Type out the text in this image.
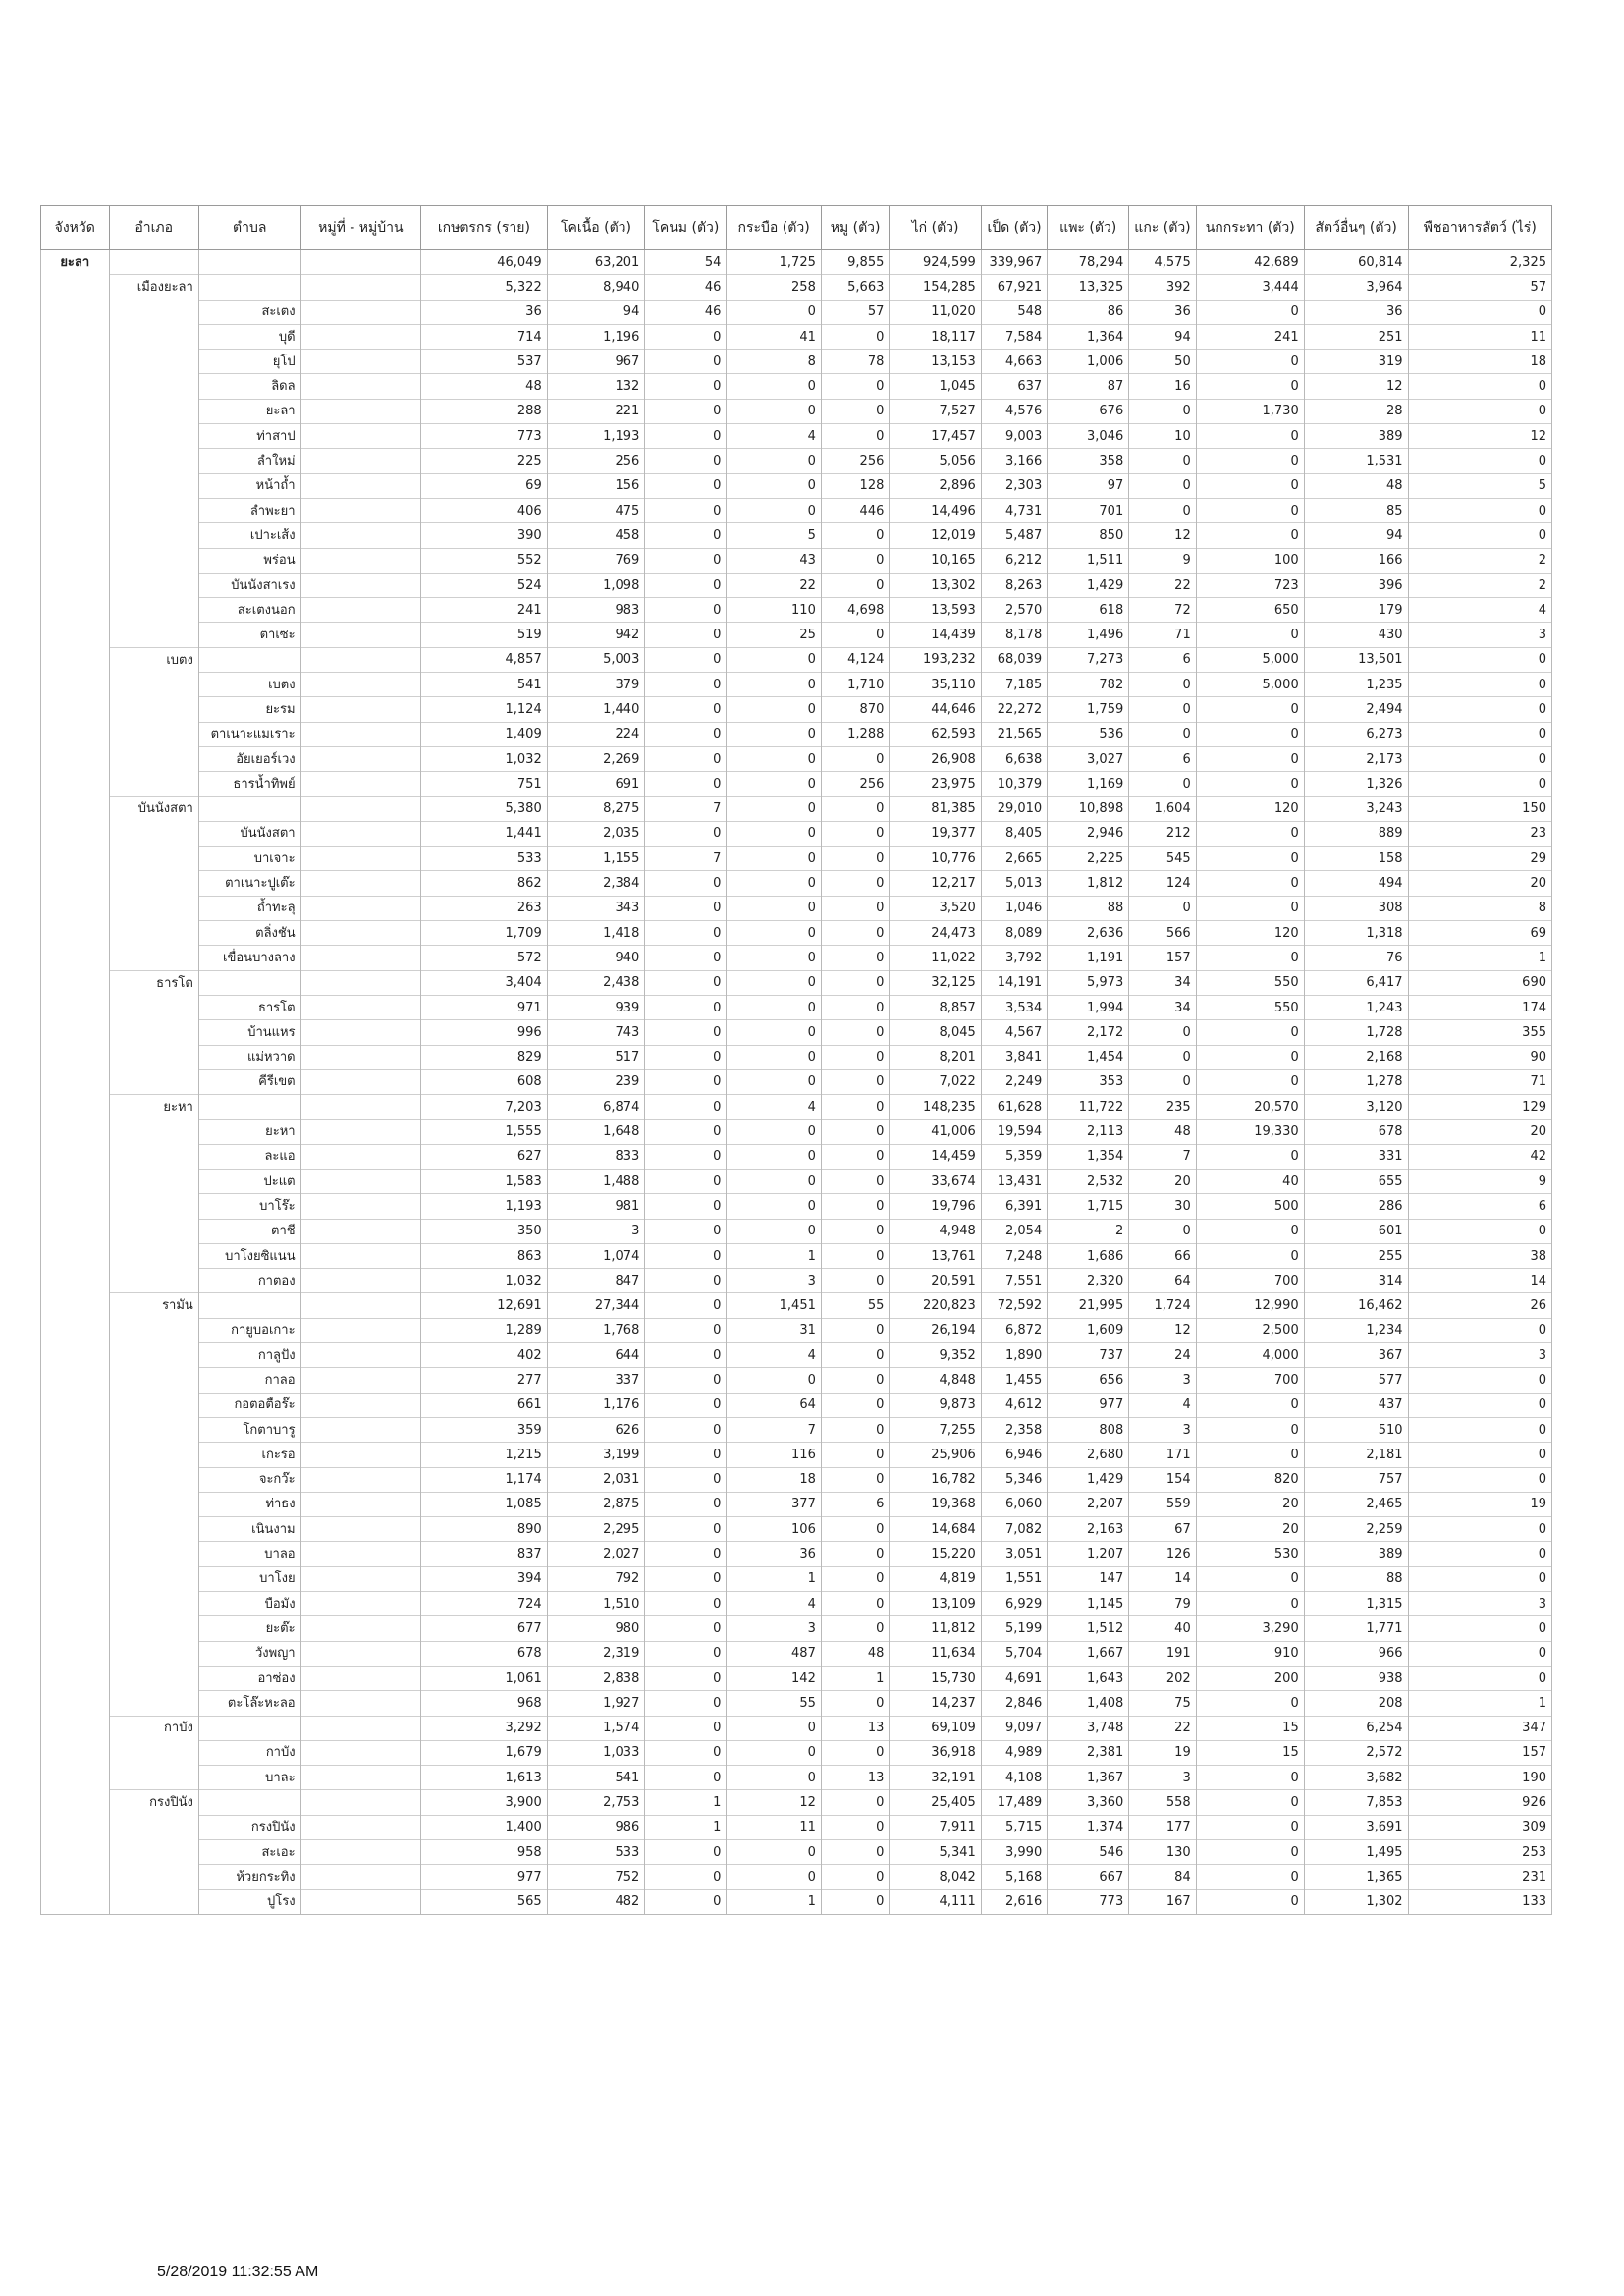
จังหวัด	อำเภอ	ตำบล	หมู่ที่ - หมู่บ้าน	เกษตรกร (ราย)	โคเนื้อ (ตัว)	โคนม (ตัว)	กระบือ (ตัว)	หมู (ตัว)	ไก่ (ตัว)	เป็ด (ตัว)	แพะ (ตัว)	แกะ (ตัว)	นกกระทา (ตัว)	สัตว์อื่นๆ (ตัว)	พืชอาหารสัตว์ (ไร่)
ยะลา				46,049	63,201	54	1,725	9,855	924,599	339,967	78,294	4,575	42,689	60,814	2,325
	เมืองยะลา			5,322	8,940	46	258	5,663	154,285	67,921	13,325	392	3,444	3,964	57
		สะเตง		36	94	46	0	57	11,020	548	86	36	0	36	0
		บุดี		714	1,196	0	41	0	18,117	7,584	1,364	94	241	251	11
		ยุโป		537	967	0	8	78	13,153	4,663	1,006	50	0	319	18
		ลิดล		48	132	0	0	0	1,045	637	87	16	0	12	0
		ยะลา		288	221	0	0	0	7,527	4,576	676	0	1,730	28	0
		ท่าสาป		773	1,193	0	4	0	17,457	9,003	3,046	10	0	389	12
		ลำใหม่		225	256	0	0	256	5,056	3,166	358	0	0	1,531	0
		หน้าถ้ำ		69	156	0	0	128	2,896	2,303	97	0	0	48	5
		ลำพะยา		406	475	0	0	446	14,496	4,731	701	0	0	85	0
		เปาะเส้ง		390	458	0	5	0	12,019	5,487	850	12	0	94	0
		พร่อน		552	769	0	43	0	10,165	6,212	1,511	9	100	166	2
		บันนังสาเรง		524	1,098	0	22	0	13,302	8,263	1,429	22	723	396	2
		สะเตงนอก		241	983	0	110	4,698	13,593	2,570	618	72	650	179	4
		ตาเซะ		519	942	0	25	0	14,439	8,178	1,496	71	0	430	3
	เบตง			4,857	5,003	0	0	4,124	193,232	68,039	7,273	6	5,000	13,501	0
		เบตง		541	379	0	0	1,710	35,110	7,185	782	0	5,000	1,235	0
		ยะรม		1,124	1,440	0	0	870	44,646	22,272	1,759	0	0	2,494	0
		ตาเนาะแมเราะ		1,409	224	0	0	1,288	62,593	21,565	536	0	0	6,273	0
		อัยเยอร์เวง		1,032	2,269	0	0	0	26,908	6,638	3,027	6	0	2,173	0
		ธารน้ำทิพย์		751	691	0	0	256	23,975	10,379	1,169	0	0	1,326	0
	บันนังสตา			5,380	8,275	7	0	0	81,385	29,010	10,898	1,604	120	3,243	150
		บันนังสตา		1,441	2,035	0	0	0	19,377	8,405	2,946	212	0	889	23
		บาเจาะ		533	1,155	7	0	0	10,776	2,665	2,225	545	0	158	29
		ตาเนาะปูเต๊ะ		862	2,384	0	0	0	12,217	5,013	1,812	124	0	494	20
		ถ้ำทะลุ		263	343	0	0	0	3,520	1,046	88	0	0	308	8
		ตลิ่งชัน		1,709	1,418	0	0	0	24,473	8,089	2,636	566	120	1,318	69
		เขื่อนบางลาง		572	940	0	0	0	11,022	3,792	1,191	157	0	76	1
	ธารโต			3,404	2,438	0	0	0	32,125	14,191	5,973	34	550	6,417	690
		ธารโต		971	939	0	0	0	8,857	3,534	1,994	34	550	1,243	174
		บ้านแหร		996	743	0	0	0	8,045	4,567	2,172	0	0	1,728	355
		แม่หวาด		829	517	0	0	0	8,201	3,841	1,454	0	0	2,168	90
		คีรีเขต		608	239	0	0	0	7,022	2,249	353	0	0	1,278	71
	ยะหา			7,203	6,874	0	4	0	148,235	61,628	11,722	235	20,570	3,120	129
		ยะหา		1,555	1,648	0	0	0	41,006	19,594	2,113	48	19,330	678	20
		ละแอ		627	833	0	0	0	14,459	5,359	1,354	7	0	331	42
		ปะแต		1,583	1,488	0	0	0	33,674	13,431	2,532	20	40	655	9
		บาโร๊ะ		1,193	981	0	0	0	19,796	6,391	1,715	30	500	286	6
		ตาชี		350	3	0	0	0	4,948	2,054	2	0	0	601	0
		บาโงยซิแนน		863	1,074	0	1	0	13,761	7,248	1,686	66	0	255	38
		กาตอง		1,032	847	0	3	0	20,591	7,551	2,320	64	700	314	14
	รามัน			12,691	27,344	0	1,451	55	220,823	72,592	21,995	1,724	12,990	16,462	26
		กายูบอเกาะ		1,289	1,768	0	31	0	26,194	6,872	1,609	12	2,500	1,234	0
		กาลูปัง		402	644	0	4	0	9,352	1,890	737	24	4,000	367	3
		กาลอ		277	337	0	0	0	4,848	1,455	656	3	700	577	0
		กอตอตือร๊ะ		661	1,176	0	64	0	9,873	4,612	977	4	0	437	0
		โกตาบารู		359	626	0	7	0	7,255	2,358	808	3	0	510	0
		เกะรอ		1,215	3,199	0	116	0	25,906	6,946	2,680	171	0	2,181	0
		จะกว๊ะ		1,174	2,031	0	18	0	16,782	5,346	1,429	154	820	757	0
		ท่าธง		1,085	2,875	0	377	6	19,368	6,060	2,207	559	20	2,465	19
		เนินงาม		890	2,295	0	106	0	14,684	7,082	2,163	67	20	2,259	0
		บาลอ		837	2,027	0	36	0	15,220	3,051	1,207	126	530	389	0
		บาโงย		394	792	0	1	0	4,819	1,551	147	14	0	88	0
		บือมัง		724	1,510	0	4	0	13,109	6,929	1,145	79	0	1,315	3
		ยะต๊ะ		677	980	0	3	0	11,812	5,199	1,512	40	3,290	1,771	0
		วังพญา		678	2,319	0	487	48	11,634	5,704	1,667	191	910	966	0
		อาซ่อง		1,061	2,838	0	142	1	15,730	4,691	1,643	202	200	938	0
		ตะโล๊ะหะลอ		968	1,927	0	55	0	14,237	2,846	1,408	75	0	208	1
	กาบัง			3,292	1,574	0	0	13	69,109	9,097	3,748	22	15	6,254	347
		กาบัง		1,679	1,033	0	0	0	36,918	4,989	2,381	19	15	2,572	157
		บาละ		1,613	541	0	0	13	32,191	4,108	1,367	3	0	3,682	190
	กรงปินัง			3,900	2,753	1	12	0	25,405	17,489	3,360	558	0	7,853	926
		กรงปินัง		1,400	986	1	11	0	7,911	5,715	1,374	177	0	3,691	309
		สะเอะ		958	533	0	0	0	5,341	3,990	546	130	0	1,495	253
		ห้วยกระทิง		977	752	0	0	0	8,042	5,168	667	84	0	1,365	231
		ปูโรง		565	482	0	1	0	4,111	2,616	773	167	0	1,302	133
5/28/2019 11:32:55 AM
